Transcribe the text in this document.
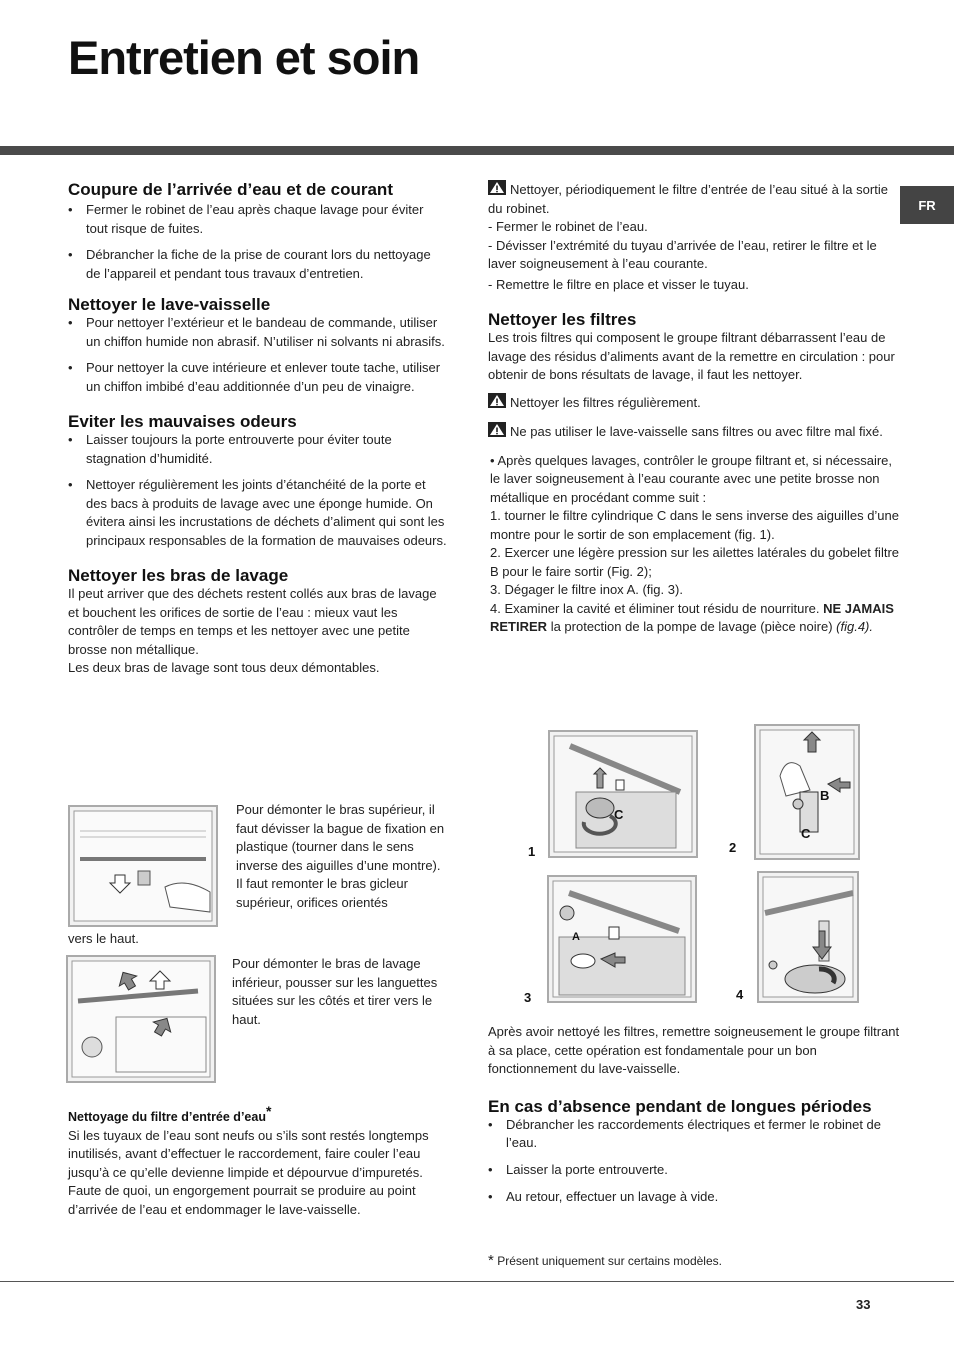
Entretien et soin
FR
Coupure de l’arrivée d’eau et de courant
• Fermer le robinet de l’eau après chaque lavage pour éviter tout risque de fuites.
• Débrancher la fiche de la prise de courant lors du nettoyage de l’appareil et pendant tous travaux d’entretien.
Nettoyer le lave-vaisselle
• Pour nettoyer l’extérieur et le bandeau de commande, utiliser un chiffon humide non abrasif. N’utiliser ni solvants ni abrasifs.
• Pour nettoyer la cuve intérieure et enlever toute tache, utiliser un chiffon imbibé d’eau additionnée d’un peu de vinaigre.
Eviter les mauvaises odeurs
• Laisser toujours la porte entrouverte pour éviter toute stagnation d’humidité.
• Nettoyer régulièrement les joints d’étanchéité de la porte et des bacs à produits de lavage avec une éponge humide. On évitera ainsi les incrustations de déchets d’aliment qui sont les principaux responsables de la formation de mauvaises odeurs.
Nettoyer les bras de lavage

Il peut arriver que des déchets restent collés aux bras de lavage et bouchent les orifices de sortie de l’eau : mieux vaut les contrôler de temps en temps et les nettoyer avec une petite brosse non métallique.

Les deux bras de lavage sont tous deux démontables.

Pour démonter le bras supérieur, il faut dévisser la bague de fixation en plastique (tourner dans le sens inverse des aiguilles d’une montre). Il faut remonter le bras gicleur supérieur, orifices orientés
vers le haut.
Pour démonter le bras de lavage inférieur, pousser sur les languettes situées sur les côtés et tirer vers le haut.
Nettoyage du filtre d’entrée d’eau*

Si les tuyaux de l’eau sont neufs ou s’ils sont restés longtemps inutilisés, avant d’effectuer le raccordement, faire couler l’eau jusqu’à ce qu’elle devienne limpide et dépourvue d’impuretés. Faute de quoi, un engorgement pourrait se produire au point d’arrivée de l’eau et endommager le lave-vaisselle.

Nettoyer, périodiquement le filtre d’entrée de l’eau situé à la sortie du robinet.

- Fermer le robinet de l’eau.

- Dévisser l’extrémité du tuyau d’arrivée de l’eau, retirer le filtre et le laver soigneusement à l’eau courante.

- Remettre le filtre en place et visser le tuyau.

Nettoyer les filtres

Les trois filtres qui composent le groupe filtrant débarrassent l’eau de lavage des résidus d’aliments avant de la remettre en circulation : pour obtenir de bons résultats de lavage, il faut les nettoyer.

Nettoyer les filtres régulièrement.

Ne pas utiliser le lave-vaisselle sans filtres ou avec filtre mal fixé.

• Après quelques lavages, contrôler le groupe filtrant et, si nécessaire, le laver soigneusement à l’eau courante avec une petite brosse non métallique en procédant comme suit :

1. tourner le filtre cylindrique C dans le sens inverse des aiguilles d’une montre pour le sortir de son emplacement (fig. 1).

2. Exercer une légère pression sur les ailettes latérales du gobelet filtre B pour le faire sortir (Fig. 2);

3. Dégager le filtre inox A. (fig. 3).

4. Examiner la cavité et éliminer tout résidu de nourriture. NE JAMAIS RETIRER la protection de la pompe de lavage (pièce noire) (fig.4).

1	2
3	4
C
B
C
A

Après avoir nettoyé les filtres, remettre soigneusement le groupe filtrant à sa place, cette opération est fondamentale pour un bon fonctionnement du lave-vaisselle.

En cas d’absence pendant de longues périodes
• Débrancher les raccordements électriques et fermer le robinet de l’eau.
• Laisser la porte entrouverte.
• Au retour, effectuer un lavage à vide.
* Présent uniquement sur certains modèles.
33
